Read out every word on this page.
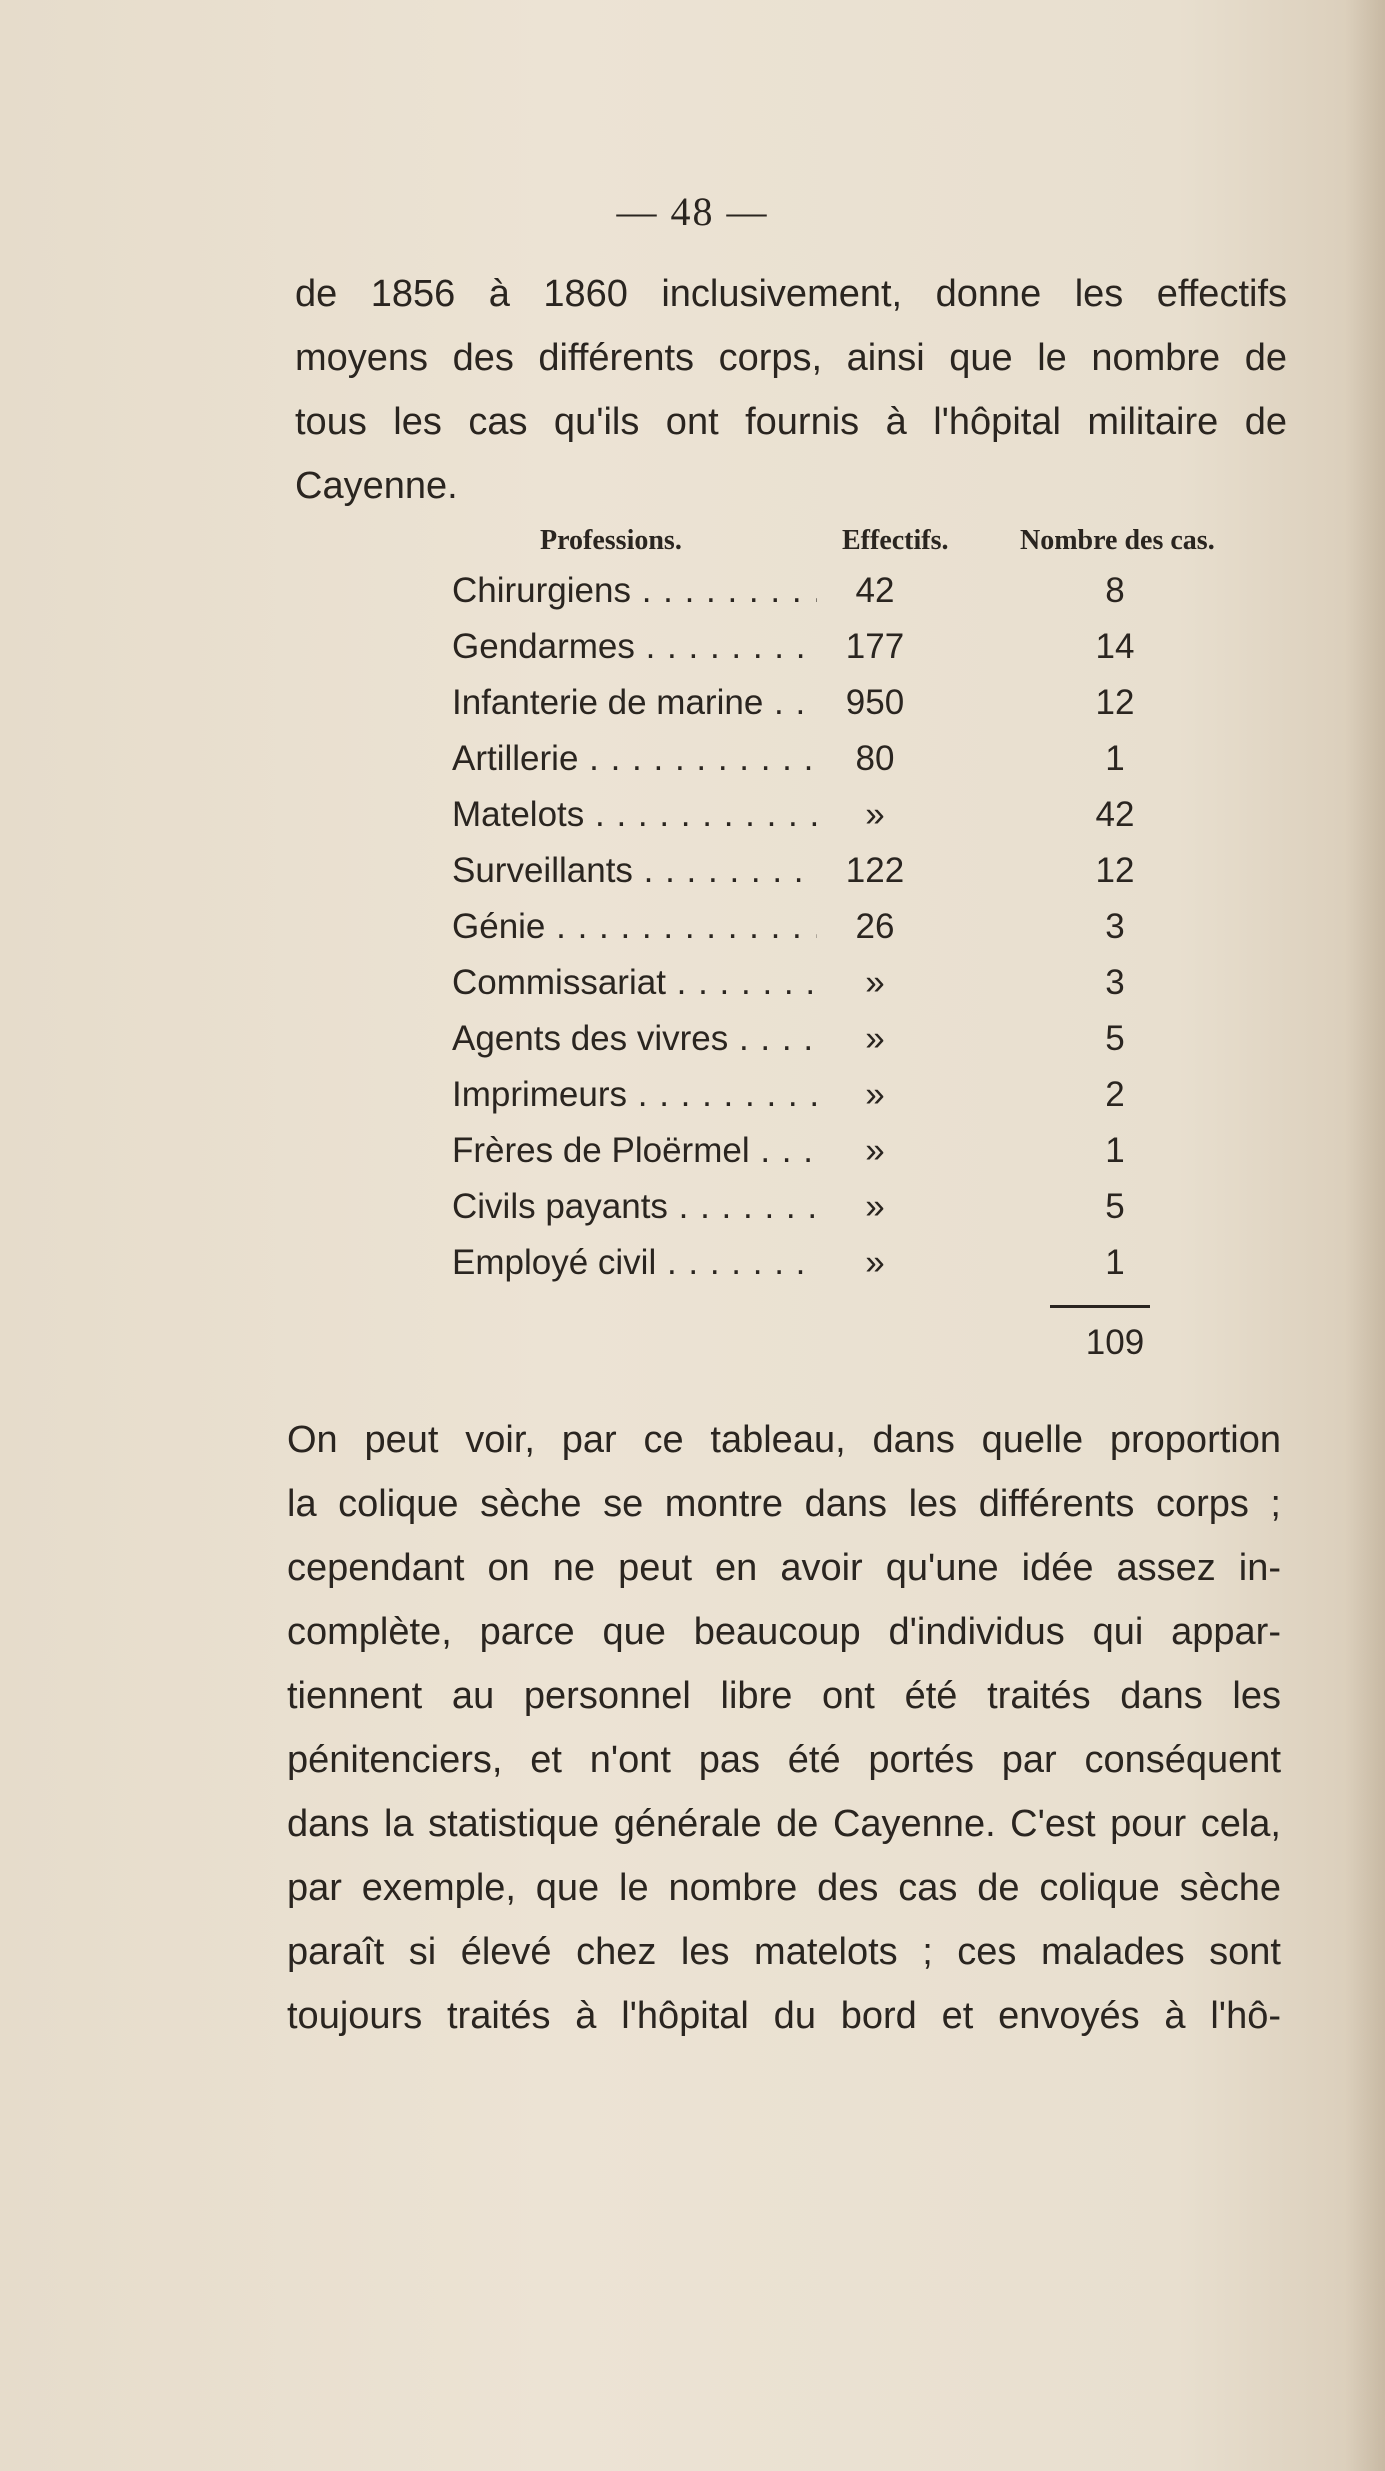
— 48 —
de 1856 à 1860 inclusivement, donne les effectifs
moyens des différents corps, ainsi que le nombre de
tous les cas qu'ils ont fournis à l'hôpital militaire de
Cayenne.
Professions.	Effectifs.	Nombre des cas.
Chirurgiens . . .	42	8
Gendarmes . . .	177	14
Infanterie de marine . . .	950	12
Artillerie . . .	80	1
Matelots . . .	»	42
Surveillants . . .	122	12
Génie . . .	26	3
Commissariat . . .	»	3
Agents des vivres . . .	»	5
Imprimeurs . . .	»	2
Frères de Ploërmel . . .	»	1
Civils payants . . .	»	5
Employé civil . . .	»	1
109
On peut voir, par ce tableau, dans quelle proportion
la colique sèche se montre dans les différents corps ;
cependant on ne peut en avoir qu'une idée assez in-
complète, parce que beaucoup d'individus qui appar-
tiennent au personnel libre ont été traités dans les
pénitenciers, et n'ont pas été portés par conséquent
dans la statistique générale de Cayenne. C'est pour cela,
par exemple, que le nombre des cas de colique sèche
paraît si élevé chez les matelots ; ces malades sont
toujours traités à l'hôpital du bord et envoyés à l'hô-
